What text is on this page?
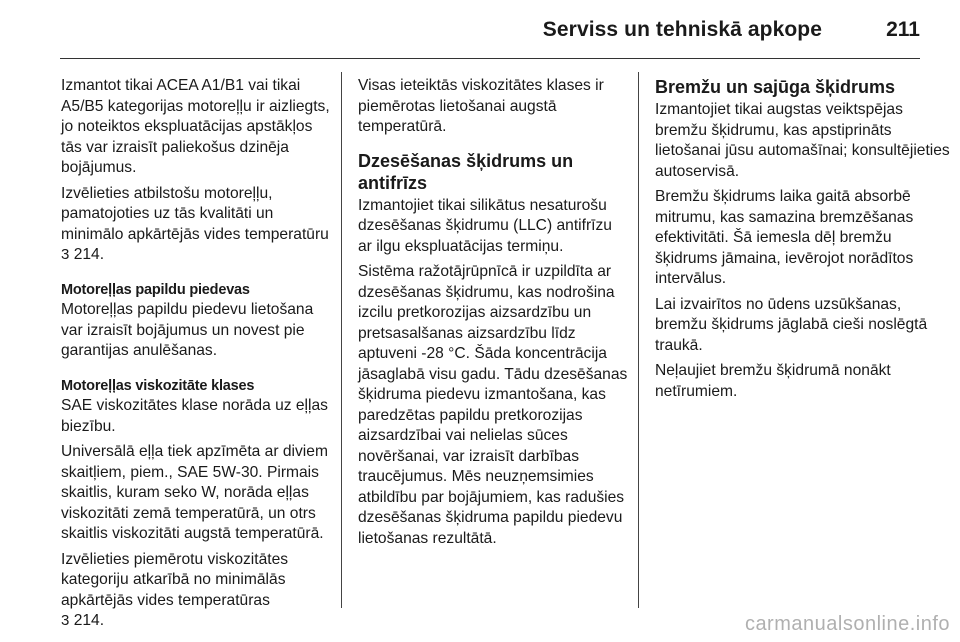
Serviss un tehniskā apkope	211

Izmantot tikai ACEA A1/B1 vai tikai A5/B5 kategorijas motoreļļu ir aizliegts, jo noteiktos ekspluatācijas apstākļos tās var izraisīt paliekošus dzinēja bojājumus.

Izvēlieties atbilstošu motoreļļu, pamatojoties uz tās kvalitāti un minimālo apkārtējās vides temperatūru 3 214.

Motoreļļas papildu piedevas

Motoreļļas papildu piedevu lietošana var izraisīt bojājumus un novest pie garantijas anulēšanas.

Motoreļļas viskozitāte klases

SAE viskozitātes klase norāda uz eļļas biezību.

Universālā eļļa tiek apzīmēta ar diviem skaitļiem, piem., SAE 5W-30. Pirmais skaitlis, kuram seko W, norāda eļļas viskozitāti zemā temperatūrā, un otrs skaitlis viskozitāti augstā temperatūrā.

Izvēlieties piemērotu viskozitātes kategoriju atkarībā no minimālās apkārtējās vides temperatūras
3 214.

Visas ieteiktās viskozitātes klases ir piemērotas lietošanai augstā temperatūrā.

Dzesēšanas šķidrums un antifrīzs

Izmantojiet tikai silikātus nesaturošu dzesēšanas šķidrumu (LLC) antifrīzu ar ilgu ekspluatācijas termiņu.

Sistēma ražotājrūpnīcā ir uzpildīta ar dzesēšanas šķidrumu, kas nodrošina izcilu pretkorozijas aizsardzību un pretsasalšanas aizsardzību līdz aptuveni -28 °C. Šāda koncentrācija jāsaglabā visu gadu. Tādu dzesēšanas šķidruma piedevu izmantošana, kas paredzētas papildu pretkorozijas aizsardzībai vai nelielas sūces novēršanai, var izraisīt darbības traucējumus. Mēs neuzņemsimies atbildību par bojājumiem, kas radušies dzesēšanas šķidruma papildu piedevu lietošanas rezultātā.

Bremžu un sajūga šķidrums

Izmantojiet tikai augstas veiktspējas bremžu šķidrumu, kas apstiprināts lietošanai jūsu automašīnai; konsultējieties autoservisā.

Bremžu šķidrums laika gaitā absorbē mitrumu, kas samazina bremzēšanas efektivitāti. Šā iemesla dēļ bremžu šķidrums jāmaina, ievērojot norādītos intervālus.

Lai izvairītos no ūdens uzsūkšanas, bremžu šķidrums jāglabā cieši noslēgtā traukā.

Neļaujiet bremžu šķidrumā nonākt netīrumiem.

carmanualsonline.info
